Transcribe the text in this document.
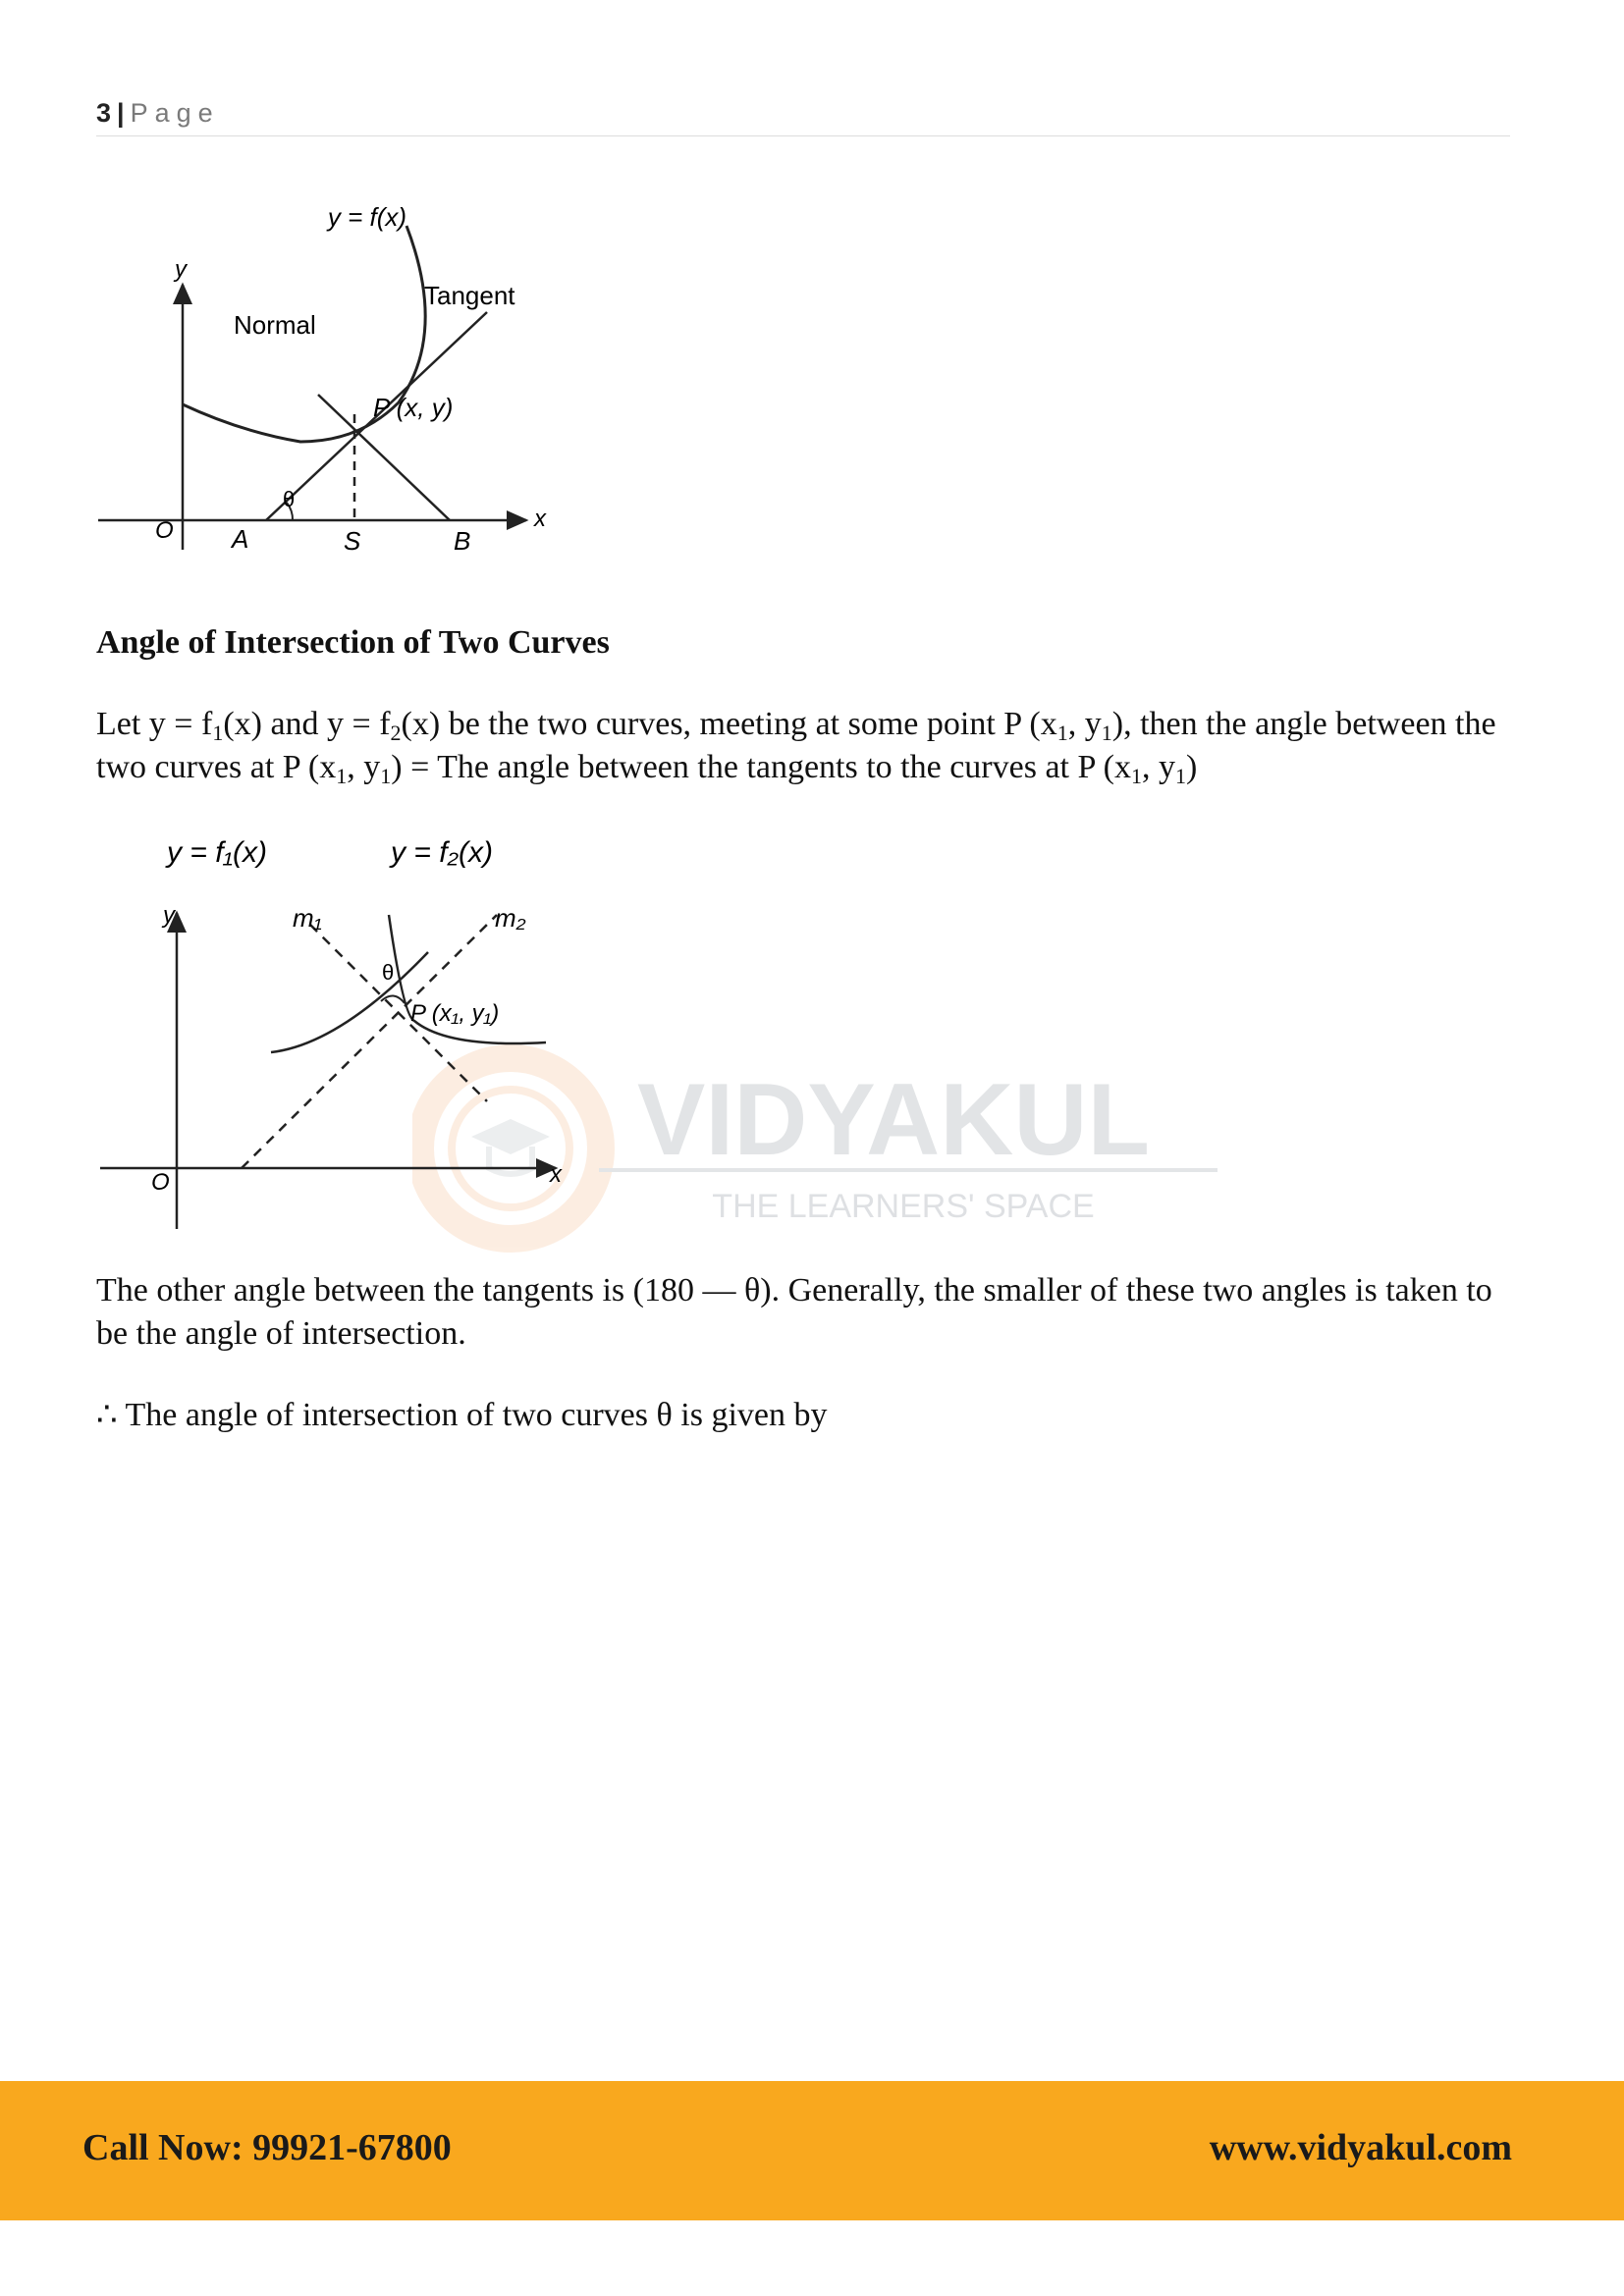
3 | Page
y = f(x)
y
Tangent
Normal
P (x, y)
θ
O A	S	B
x
Angle of Intersection of Two Curves
Let $y = f_1(x)$ and $y = f_2(x)$ be the two curves, meeting at some point P ($x_1$, $y_1$), then the angle between the two curves at P ($x_1$, $y_1$) = The angle between the tangents to the curves at P ($x_1$, $y_1$)
VIDYAKUL
THE LEARNERS' SPACE
y = f₁(x)	y = f₂(x)
y	m₁	m₂
θ
P (x₁, y₁)
O	x
The other angle between the tangents is (180 — θ). Generally, the smaller of these two angles is taken to be the angle of intersection.
∴ The angle of intersection of two curves θ is given by
Call Now: 99921-67800	www.vidyakul.com
